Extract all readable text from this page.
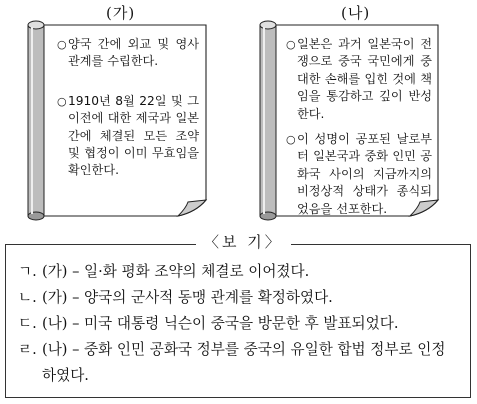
(가)	(나)
○ 양국 간에 외교 및 영사 관계를 수립한다.
○ 1910년 8월 22일 및 그 이전에 대한 제국과 일본 간에 체결된 모든 조약 및 협정이 이미 무효임을 확인한다.
○ 일본은 과거 일본국이 전쟁으로 중국 국민에게 중대한 손해를 입힌 것에 책임을 통감하고 깊이 반성한다.
○ 이 성명이 공포된 날로부터 일본국과 중화 인민 공화국 사이의 지금까지의 비정상적 상태가 종식되었음을 선포한다.
〈보 기〉
ㄱ. (가) – 일·화 평화 조약의 체결로 이어졌다.
ㄴ. (가) – 양국의 군사적 동맹 관계를 확정하였다.
ㄷ. (나) – 미국 대통령 닉슨이 중국을 방문한 후 발표되었다.
ㄹ. (나) – 중화 인민 공화국 정부를 중국의 유일한 합법 정부로 인정하였다.
